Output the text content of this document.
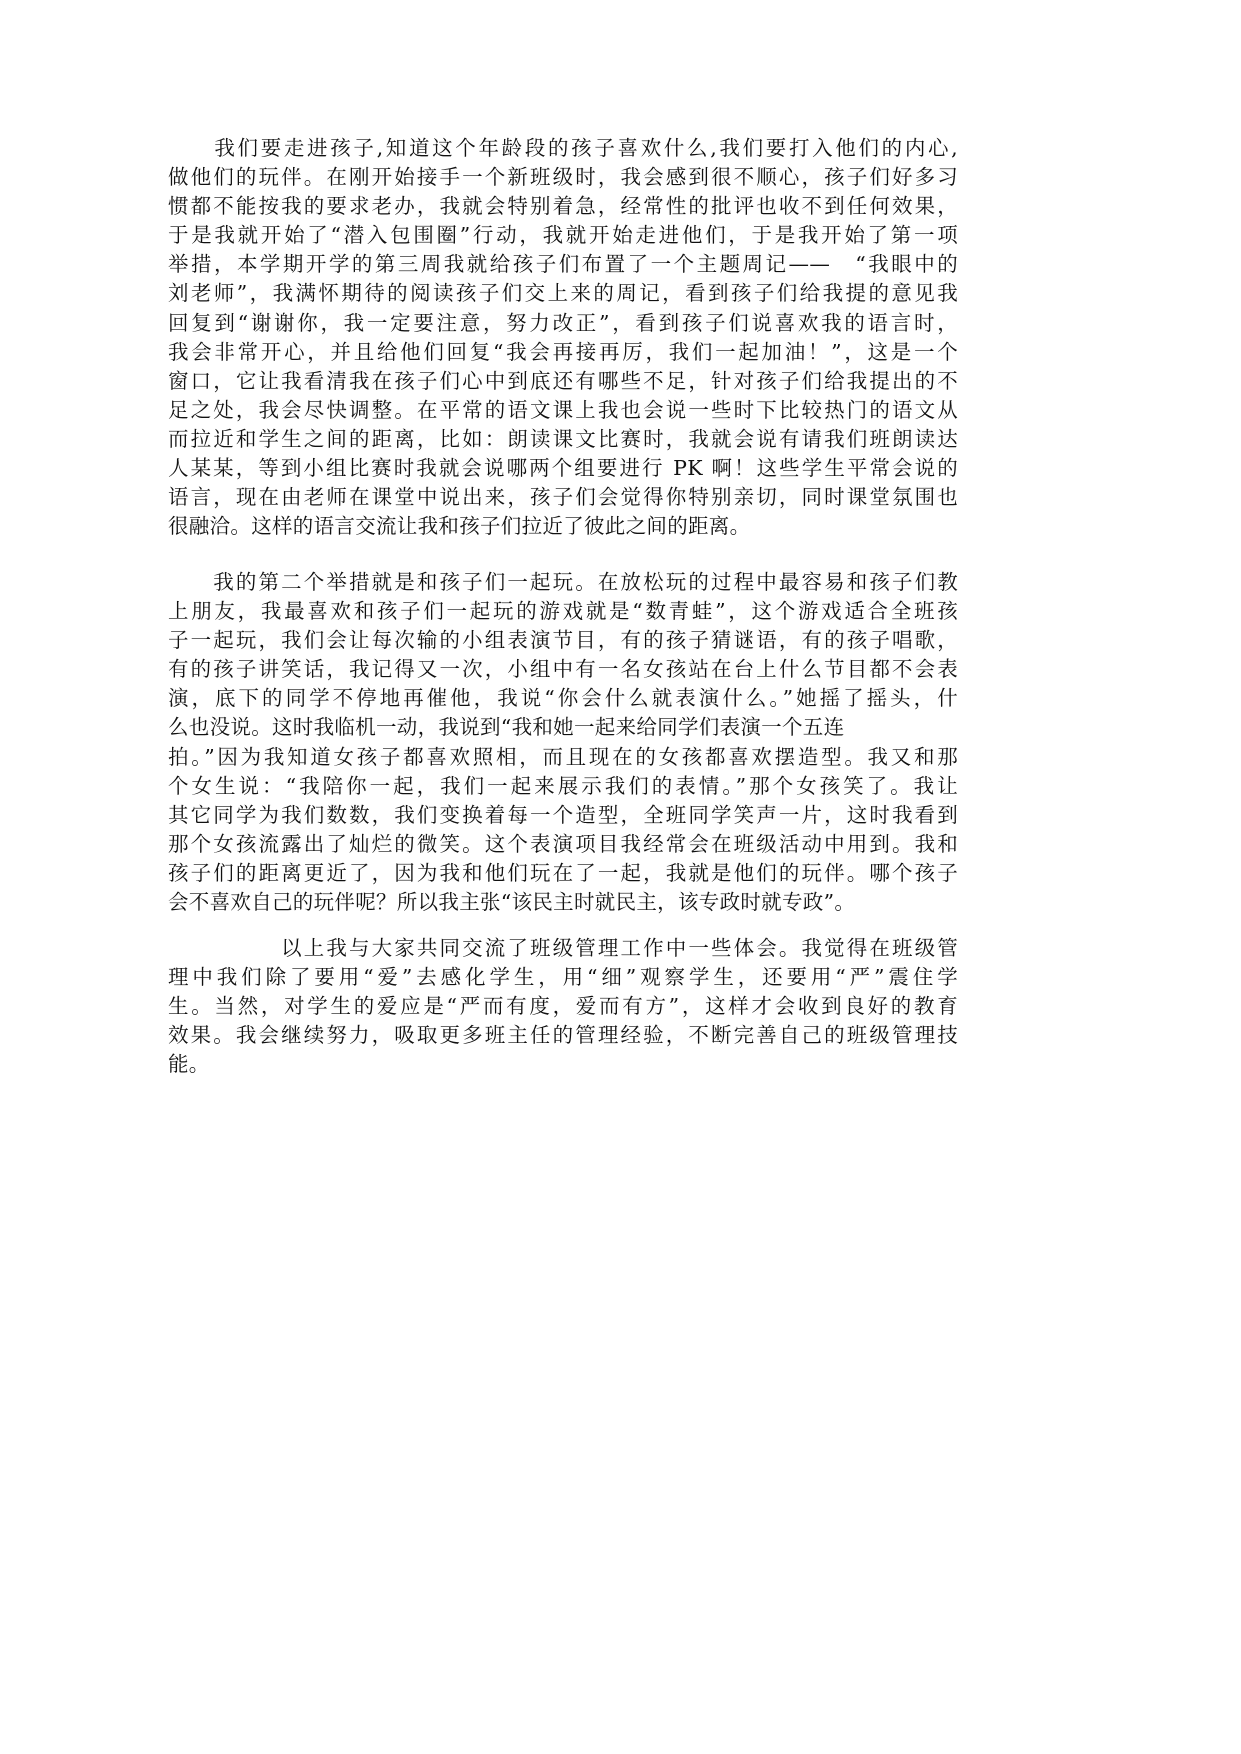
　　我们要走进孩子,知道这个年龄段的孩子喜欢什么,我们要打入他们的内心,
做他们的玩伴。在刚开始接手一个新班级时，我会感到很不顺心，孩子们好多习
惯都不能按我的要求老办，我就会特别着急，经常性的批评也收不到任何效果，
于是我就开始了“潜入包围圈”行动，我就开始走进他们，于是我开始了第一项
举措，本学期开学的第三周我就给孩子们布置了一个主题周记——　“我眼中的
刘老师”，我满怀期待的阅读孩子们交上来的周记，看到孩子们给我提的意见我
回复到“谢谢你，我一定要注意，努力改正”，看到孩子们说喜欢我的语言时，
我会非常开心，并且给他们回复“我会再接再厉，我们一起加油！”，这是一个
窗口，它让我看清我在孩子们心中到底还有哪些不足，针对孩子们给我提出的不
足之处，我会尽快调整。在平常的语文课上我也会说一些时下比较热门的语文从
而拉近和学生之间的距离，比如：朗读课文比赛时，我就会说有请我们班朗读达
人某某，等到小组比赛时我就会说哪两个组要进行 PK 啊！这些学生平常会说的
语言，现在由老师在课堂中说出来，孩子们会觉得你特别亲切，同时课堂氛围也
很融洽。这样的语言交流让我和孩子们拉近了彼此之间的距离。

　　我的第二个举措就是和孩子们一起玩。在放松玩的过程中最容易和孩子们教
上朋友，我最喜欢和孩子们一起玩的游戏就是“数青蛙”，这个游戏适合全班孩
子一起玩，我们会让每次输的小组表演节目，有的孩子猜谜语，有的孩子唱歌，
有的孩子讲笑话，我记得又一次，小组中有一名女孩站在台上什么节目都不会表
演，底下的同学不停地再催他，我说“你会什么就表演什么。”她摇了摇头，什
么也没说。这时我临机一动，我说到“我和她一起来给同学们表演一个五连
拍。”因为我知道女孩子都喜欢照相，而且现在的女孩都喜欢摆造型。我又和那
个女生说：“我陪你一起，我们一起来展示我们的表情。”那个女孩笑了。我让
其它同学为我们数数，我们变换着每一个造型，全班同学笑声一片，这时我看到
那个女孩流露出了灿烂的微笑。这个表演项目我经常会在班级活动中用到。我和
孩子们的距离更近了，因为我和他们玩在了一起，我就是他们的玩伴。哪个孩子
会不喜欢自己的玩伴呢？所以我主张“该民主时就民主，该专政时就专政”。

　　　　　以上我与大家共同交流了班级管理工作中一些体会。我觉得在班级管
理中我们除了要用“爱”去感化学生，用“细”观察学生，还要用“严”震住学
生。当然，对学生的爱应是“严而有度，爱而有方”，这样才会收到良好的教育
效果。我会继续努力，吸取更多班主任的管理经验，不断完善自己的班级管理技
能。
